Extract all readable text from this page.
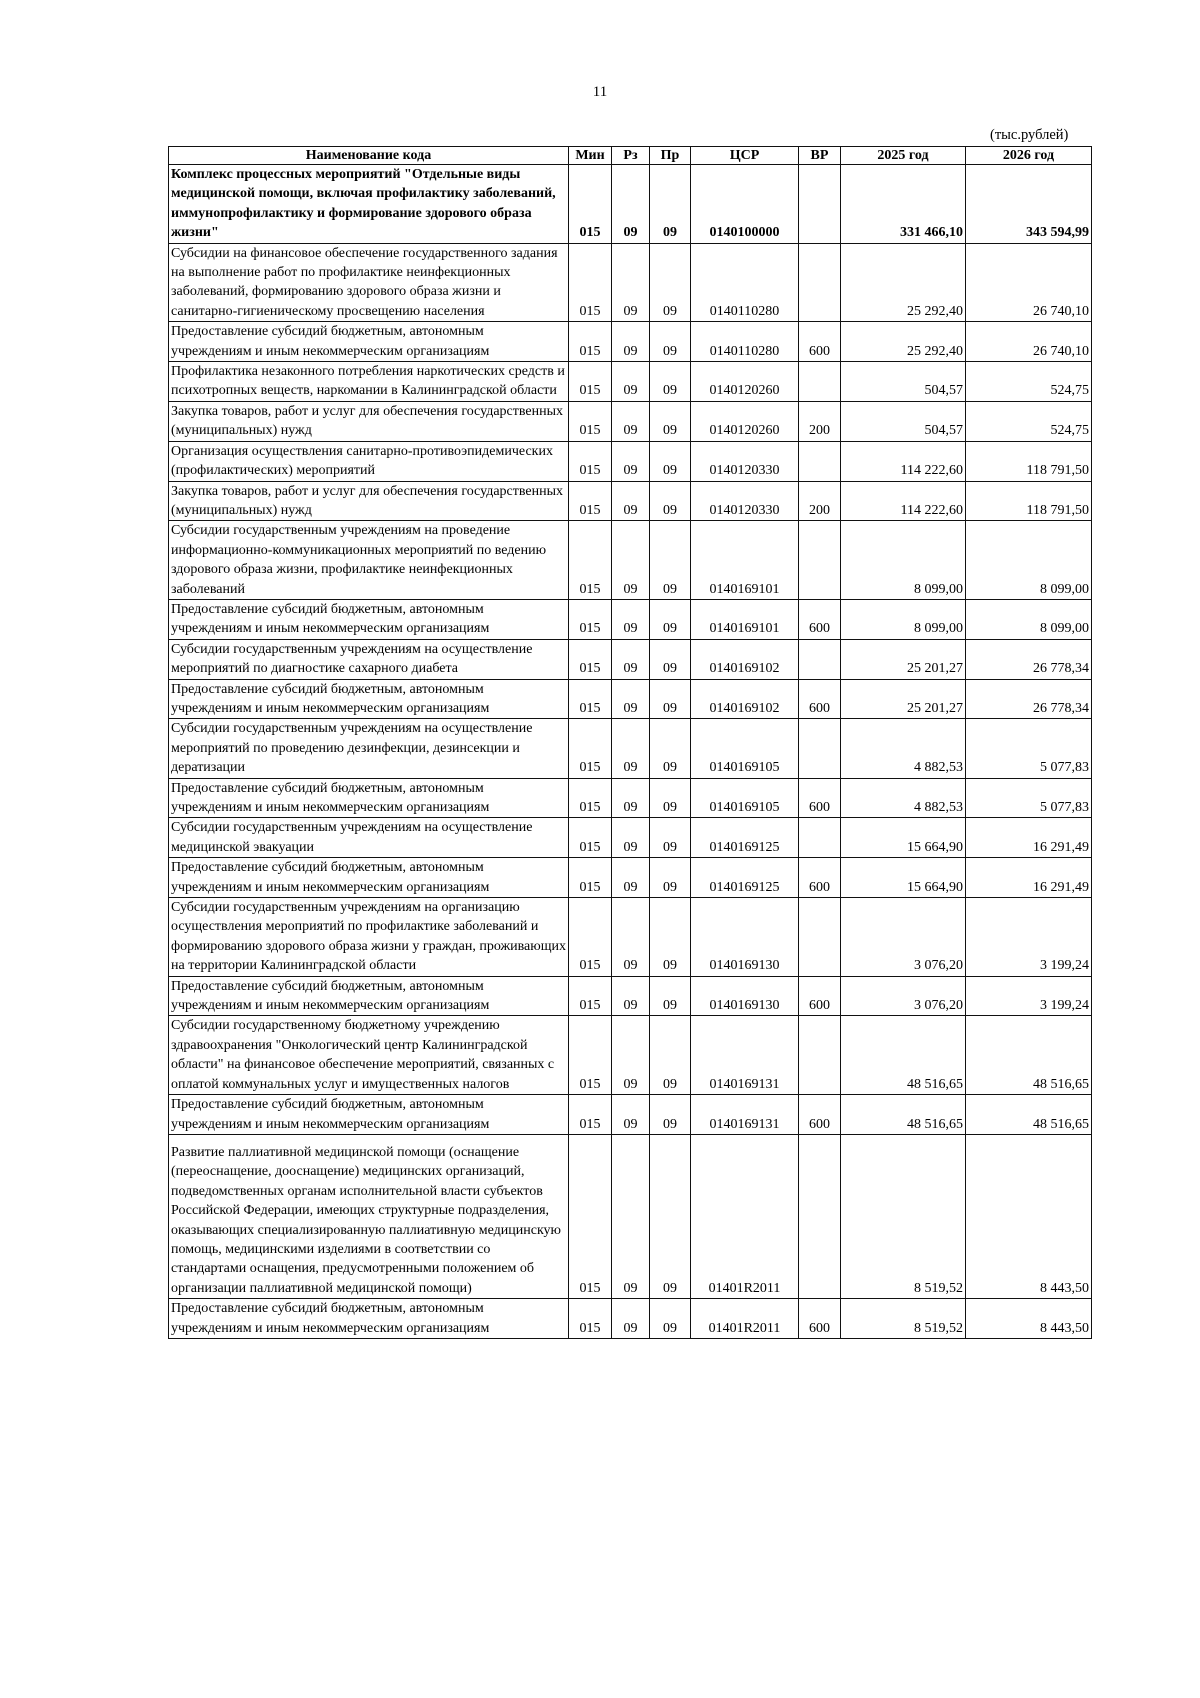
11
(тыс.рублей)
Наименование кода	Мин	Рз	Пр	ЦСР	ВР	2025 год	2026 год
Комплекс процессных мероприятий "Отдельные виды медицинской помощи, включая профилактику заболеваний, иммунопрофилактику и формирование здорового образа жизни"	015	09	09	0140100000		331 466,10	343 594,99
Субсидии на финансовое обеспечение государственного задания на выполнение работ по профилактике неинфекционных заболеваний, формированию здорового образа жизни и санитарно-гигиеническому просвещению населения	015	09	09	0140110280		25 292,40	26 740,10
Предоставление субсидий бюджетным, автономным учреждениям и иным некоммерческим организациям	015	09	09	0140110280	600	25 292,40	26 740,10
Профилактика незаконного потребления наркотических средств и психотропных веществ, наркомании в Калининградской области	015	09	09	0140120260		504,57	524,75
Закупка товаров, работ и услуг для обеспечения государственных (муниципальных) нужд	015	09	09	0140120260	200	504,57	524,75
Организация осуществления санитарно-противоэпидемических (профилактических) мероприятий	015	09	09	0140120330		114 222,60	118 791,50
Закупка товаров, работ и услуг для обеспечения государственных (муниципальных) нужд	015	09	09	0140120330	200	114 222,60	118 791,50
Субсидии государственным учреждениям на проведение информационно-коммуникационных мероприятий по ведению здорового образа жизни, профилактике неинфекционных заболеваний	015	09	09	0140169101		8 099,00	8 099,00
Предоставление субсидий бюджетным, автономным учреждениям и иным некоммерческим организациям	015	09	09	0140169101	600	8 099,00	8 099,00
Субсидии государственным учреждениям на осуществление мероприятий по диагностике сахарного диабета	015	09	09	0140169102		25 201,27	26 778,34
Предоставление субсидий бюджетным, автономным учреждениям и иным некоммерческим организациям	015	09	09	0140169102	600	25 201,27	26 778,34
Субсидии государственным учреждениям на осуществление мероприятий по проведению дезинфекции, дезинсекции и дератизации	015	09	09	0140169105		4 882,53	5 077,83
Предоставление субсидий бюджетным, автономным учреждениям и иным некоммерческим организациям	015	09	09	0140169105	600	4 882,53	5 077,83
Субсидии государственным учреждениям на осуществление медицинской эвакуации	015	09	09	0140169125		15 664,90	16 291,49
Предоставление субсидий бюджетным, автономным учреждениям и иным некоммерческим организациям	015	09	09	0140169125	600	15 664,90	16 291,49
Субсидии государственным учреждениям на организацию осуществления мероприятий по профилактике заболеваний и формированию здорового образа жизни у граждан, проживающих на территории Калининградской области	015	09	09	0140169130		3 076,20	3 199,24
Предоставление субсидий бюджетным, автономным учреждениям и иным некоммерческим организациям	015	09	09	0140169130	600	3 076,20	3 199,24
Субсидии государственному бюджетному учреждению здравоохранения "Онкологический центр Калининградской области" на финансовое обеспечение мероприятий, связанных с оплатой коммунальных услуг и имущественных налогов	015	09	09	0140169131		48 516,65	48 516,65
Предоставление субсидий бюджетным, автономным учреждениям и иным некоммерческим организациям	015	09	09	0140169131	600	48 516,65	48 516,65
Развитие паллиативной медицинской помощи (оснащение (переоснащение, дооснащение) медицинских организаций, подведомственных органам исполнительной власти субъектов Российской Федерации, имеющих структурные подразделения, оказывающих специализированную паллиативную медицинскую помощь, медицинскими изделиями в соответствии со стандартами оснащения, предусмотренными положением об организации паллиативной медицинской помощи)	015	09	09	01401R2011		8 519,52	8 443,50
Предоставление субсидий бюджетным, автономным учреждениям и иным некоммерческим организациям	015	09	09	01401R2011	600	8 519,52	8 443,50
